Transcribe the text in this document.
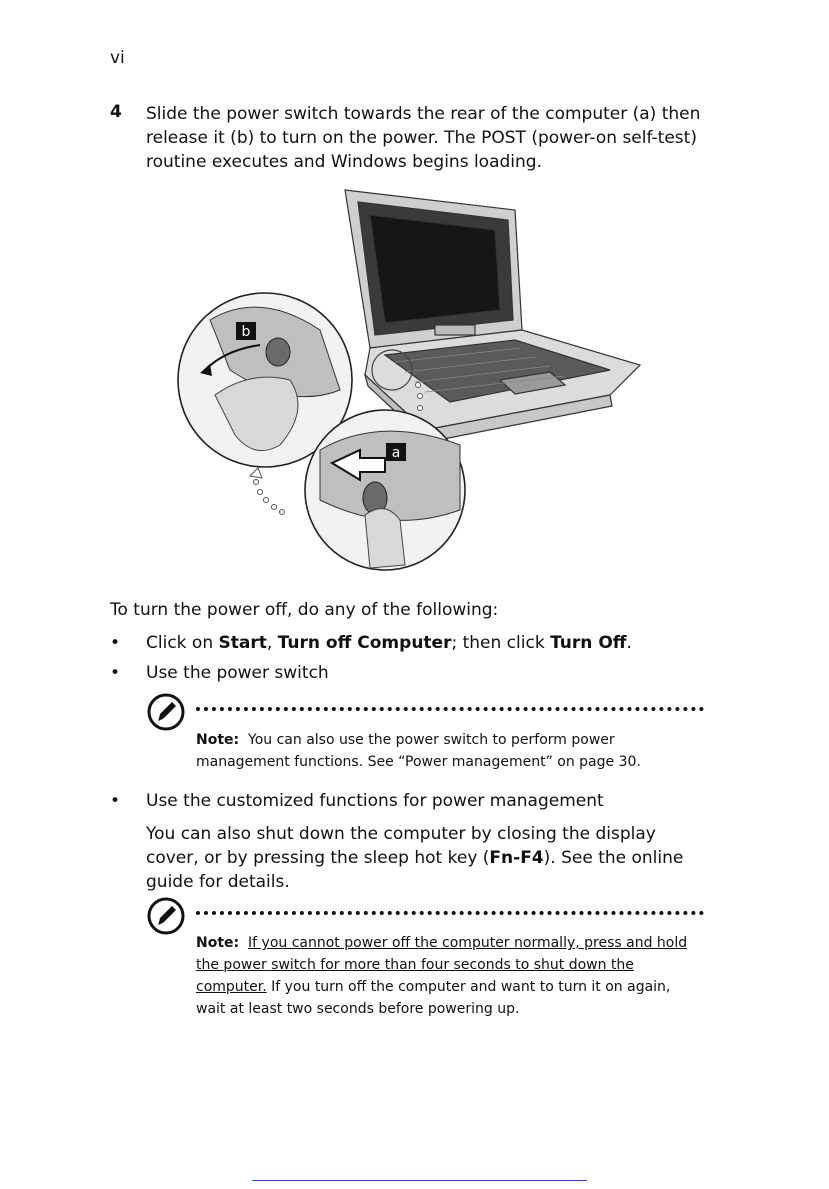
vi
4 Slide the power switch towards the rear of the computer (a) then release it (b) to turn on the power. The POST (power-on self-test) routine executes and Windows begins loading.
b
a
To turn the power off, do any of the following:
• Click on Start, Turn off Computer; then click Turn Off.
• Use the power switch
Note: You can also use the power switch to perform power management functions. See “Power management” on page 30.
• Use the customized functions for power management
You can also shut down the computer by closing the display cover, or by pressing the sleep hot key (Fn-F4). See the online guide for details.
Note: If you cannot power off the computer normally, press and hold the power switch for more than four seconds to shut down the computer. If you turn off the computer and want to turn it on again, wait at least two seconds before powering up.
